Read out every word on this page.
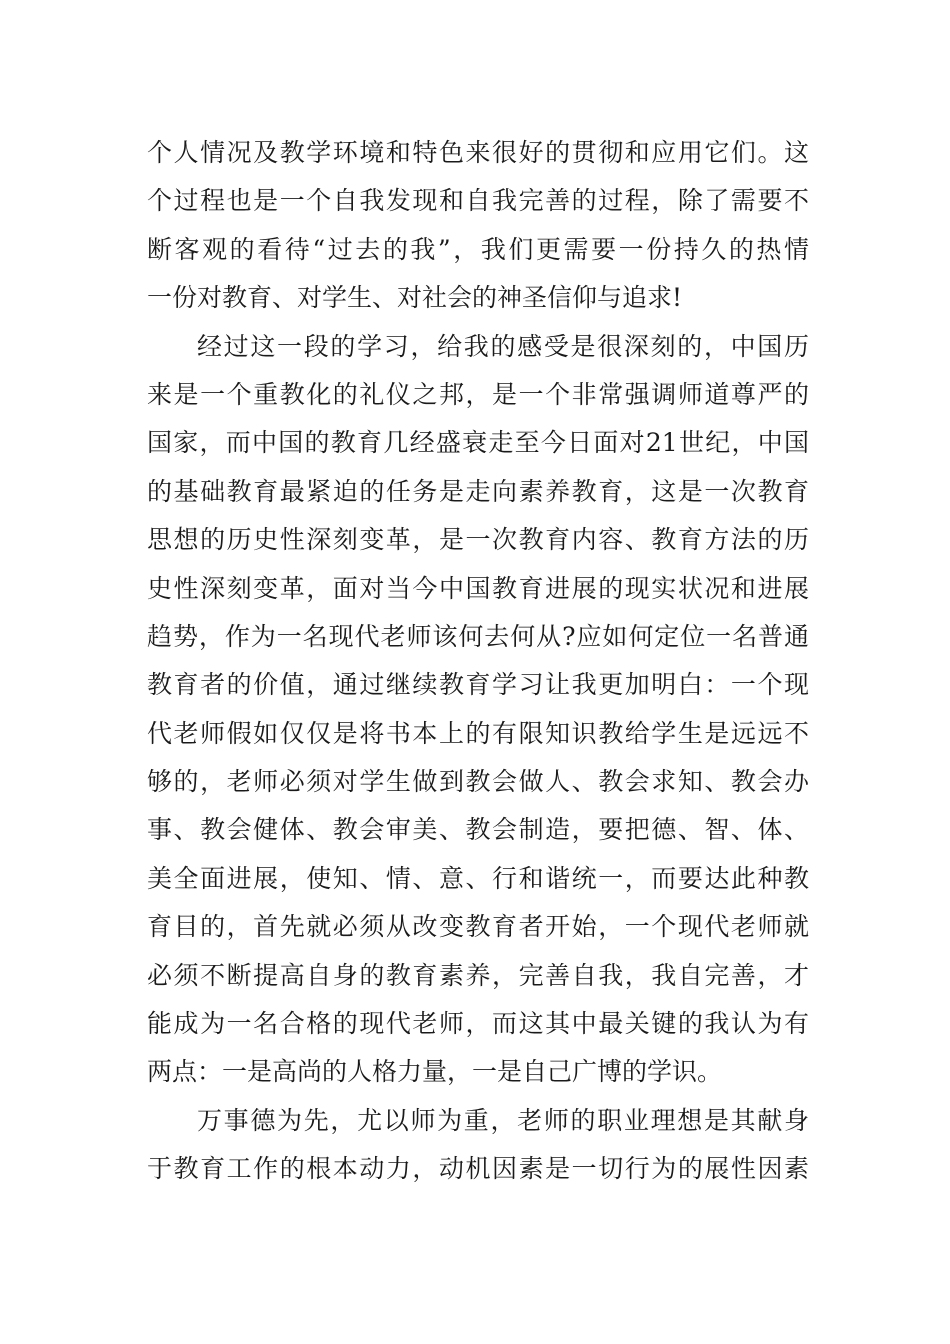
个人情况及教学环境和特色来很好的贯彻和应用它们。这
个过程也是一个自我发现和自我完善的过程，除了需要不
断客观的看待“过去的我”，我们更需要一份持久的热情
一份对教育、对学生、对社会的神圣信仰与追求!
经过这一段的学习，给我的感受是很深刻的，中国历
来是一个重教化的礼仪之邦，是一个非常强调师道尊严的
国家，而中国的教育几经盛衰走至今日面对21世纪，中国
的基础教育最紧迫的任务是走向素养教育，这是一次教育
思想的历史性深刻变革，是一次教育内容、教育方法的历
史性深刻变革，面对当今中国教育进展的现实状况和进展
趋势，作为一名现代老师该何去何从?应如何定位一名普通
教育者的价值，通过继续教育学习让我更加明白：一个现
代老师假如仅仅是将书本上的有限知识教给学生是远远不
够的，老师必须对学生做到教会做人、教会求知、教会办
事、教会健体、教会审美、教会制造，要把德、智、体、
美全面进展，使知、情、意、行和谐统一，而要达此种教
育目的，首先就必须从改变教育者开始，一个现代老师就
必须不断提高自身的教育素养，完善自我，我自完善，才
能成为一名合格的现代老师，而这其中最关键的我认为有
两点：一是高尚的人格力量，一是自己广博的学识。
万事德为先，尤以师为重，老师的职业理想是其献身
于教育工作的根本动力，动机因素是一切行为的展性因素
